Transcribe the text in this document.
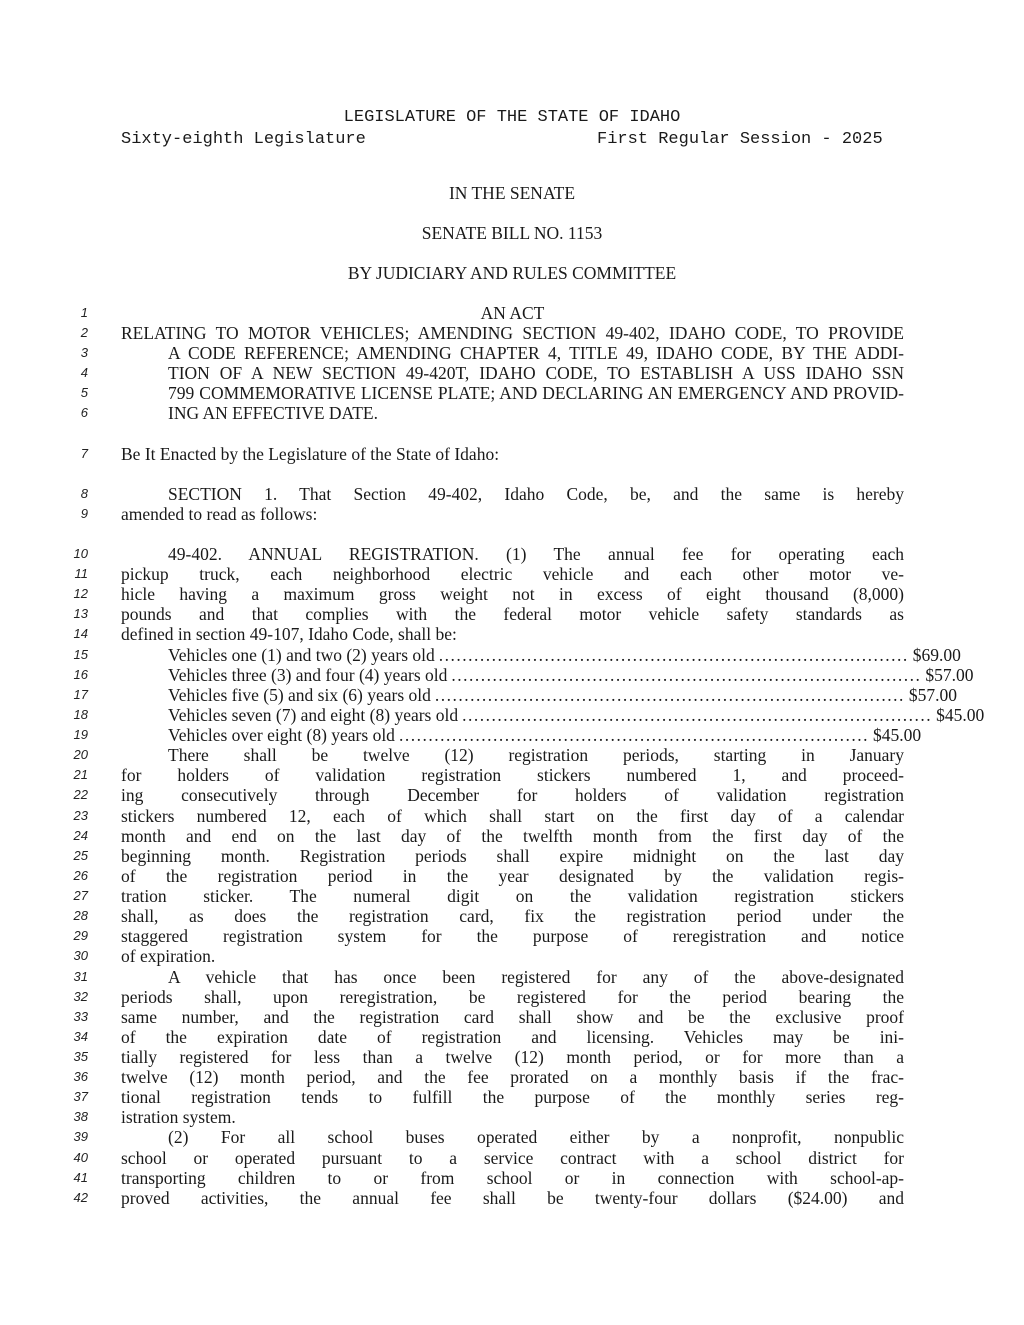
LEGISLATURE OF THE STATE OF IDAHO
Sixty-eighth Legislature	First Regular Session - 2025
IN THE SENATE
SENATE BILL NO. 1153
BY JUDICIARY AND RULES COMMITTEE
1	AN ACT
2 RELATING TO MOTOR VEHICLES; AMENDING SECTION 49-402, IDAHO CODE, TO PROVIDE
3	A CODE REFERENCE; AMENDING CHAPTER 4, TITLE 49, IDAHO CODE, BY THE ADDI-
4	TION OF A NEW SECTION 49-420T, IDAHO CODE, TO ESTABLISH A USS IDAHO SSN
5	799 COMMEMORATIVE LICENSE PLATE; AND DECLARING AN EMERGENCY AND PROVID-
6	ING AN EFFECTIVE DATE.
7 Be It Enacted by the Legislature of the State of Idaho:
8	SECTION 1. That Section 49-402, Idaho Code, be, and the same is hereby
9 amended to read as follows:
10	49-402. ANNUAL REGISTRATION. (1) The annual fee for operating each
11 pickup truck, each neighborhood electric vehicle and each other motor ve-
12 hicle having a maximum gross weight not in excess of eight thousand (8,000)
13 pounds and that complies with the federal motor vehicle safety standards as
14 defined in section 49-107, Idaho Code, shall be:
15	Vehicles one (1) and two (2) years old ................................................................................ $69.00
16	Vehicles three (3) and four (4) years old ................................................................................ $57.00
17	Vehicles five (5) and six (6) years old ................................................................................ $57.00
18	Vehicles seven (7) and eight (8) years old ................................................................................ $45.00
19	Vehicles over eight (8) years old ................................................................................ $45.00
20	There shall be twelve (12) registration periods, starting in January
21 for holders of validation registration stickers numbered 1, and proceed-
22 ing consecutively through December for holders of validation registration
23 stickers numbered 12, each of which shall start on the first day of a calendar
24 month and end on the last day of the twelfth month from the first day of the
25 beginning month. Registration periods shall expire midnight on the last day
26 of the registration period in the year designated by the validation regis-
27 tration sticker. The numeral digit on the validation registration stickers
28 shall, as does the registration card, fix the registration period under the
29 staggered registration system for the purpose of reregistration and notice
30 of expiration.
31	A vehicle that has once been registered for any of the above-designated
32 periods shall, upon reregistration, be registered for the period bearing the
33 same number, and the registration card shall show and be the exclusive proof
34 of the expiration date of registration and licensing. Vehicles may be ini-
35 tially registered for less than a twelve (12) month period, or for more than a
36 twelve (12) month period, and the fee prorated on a monthly basis if the frac-
37 tional registration tends to fulfill the purpose of the monthly series reg-
38 istration system.
39	(2) For all school buses operated either by a nonprofit, nonpublic
40 school or operated pursuant to a service contract with a school district for
41 transporting children to or from school or in connection with school-ap-
42 proved activities, the annual fee shall be twenty-four dollars ($24.00) and
